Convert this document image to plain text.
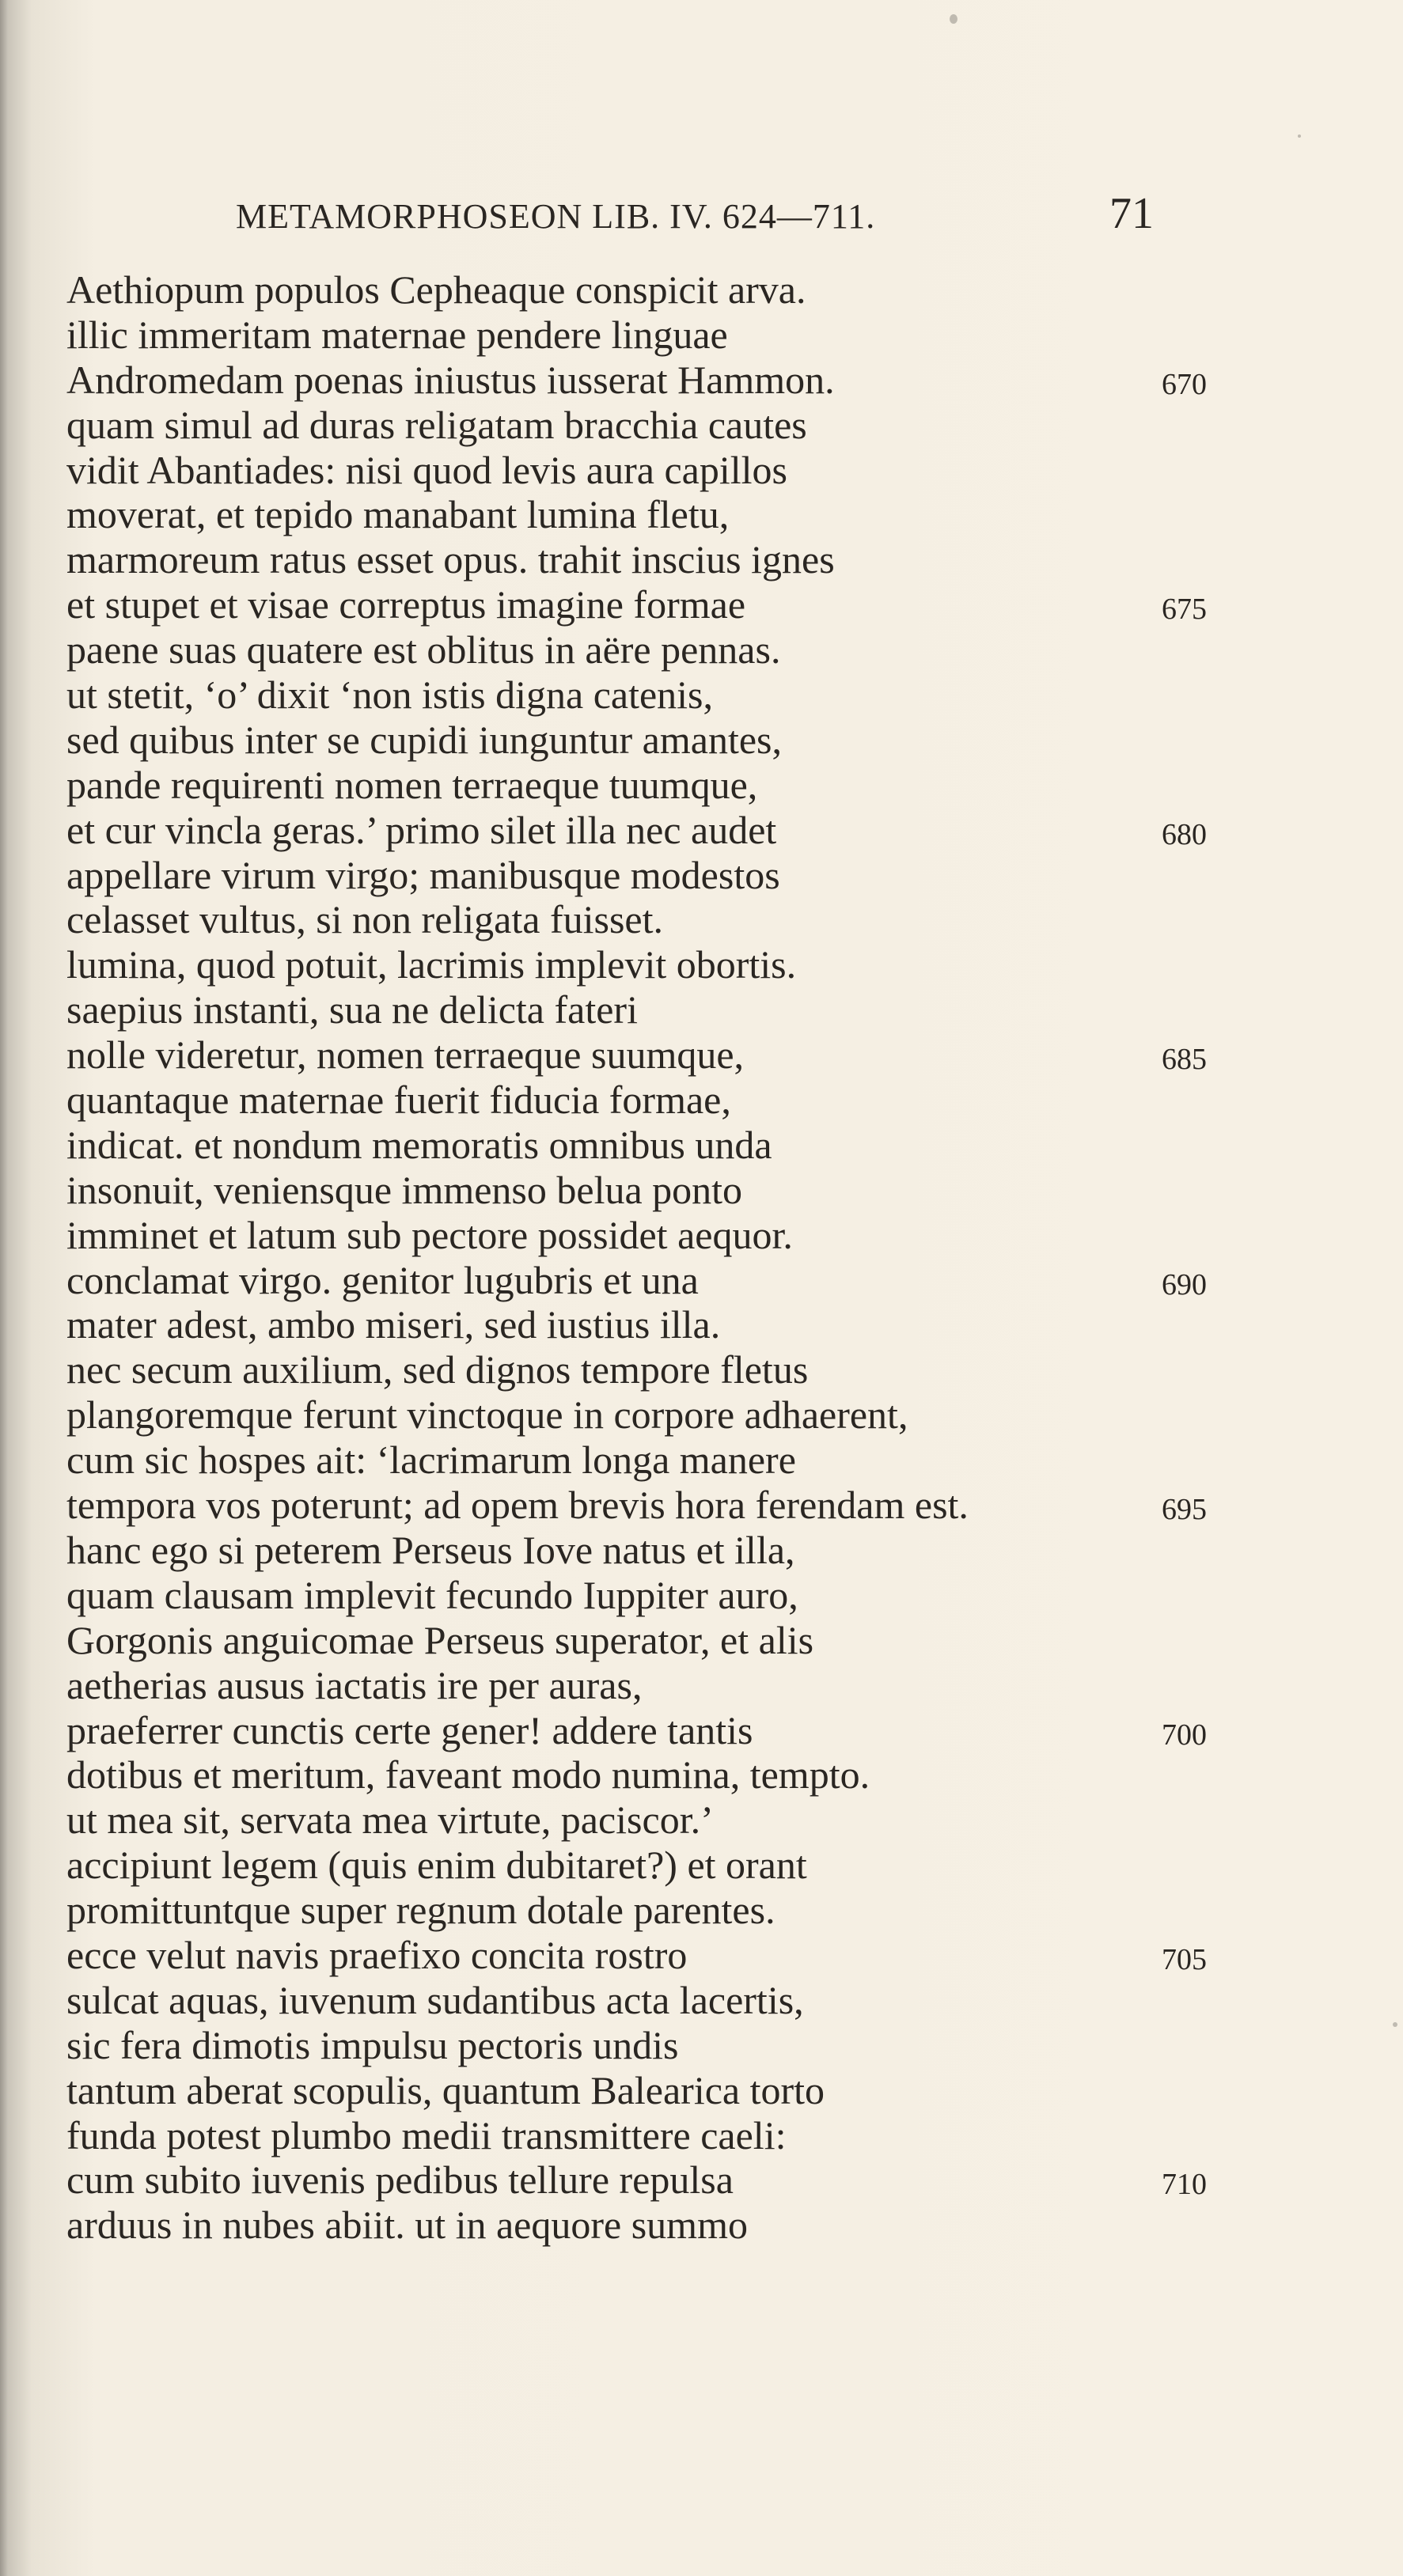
METAMORPHOSEON LIB. IV. 624—711.	71
Aethiopum populos Cepheaque conspicit arva.
illic immeritam maternae pendere linguae
Andromedam poenas iniustus iusserat Hammon.	670
quam simul ad duras religatam bracchia cautes
vidit Abantiades: nisi quod levis aura capillos
moverat, et tepido manabant lumina fletu,
marmoreum ratus esset opus. trahit inscius ignes
et stupet et visae correptus imagine formae	675
paene suas quatere est oblitus in aëre pennas.
ut stetit, ‘o’ dixit ‘non istis digna catenis,
sed quibus inter se cupidi iunguntur amantes,
pande requirenti nomen terraeque tuumque,
et cur vincla geras.’ primo silet illa nec audet	680
appellare virum virgo; manibusque modestos
celasset vultus, si non religata fuisset.
lumina, quod potuit, lacrimis implevit obortis.
saepius instanti, sua ne delicta fateri
nolle videretur, nomen terraeque suumque,	685
quantaque maternae fuerit fiducia formae,
indicat. et nondum memoratis omnibus unda
insonuit, veniensque immenso belua ponto
imminet et latum sub pectore possidet aequor.
conclamat virgo. genitor lugubris et una	690
mater adest, ambo miseri, sed iustius illa.
nec secum auxilium, sed dignos tempore fletus
plangoremque ferunt vinctoque in corpore adhaerent,
cum sic hospes ait: ‘lacrimarum longa manere
tempora vos poterunt; ad opem brevis hora ferendam est.	695
hanc ego si peterem Perseus Iove natus et illa,
quam clausam implevit fecundo Iuppiter auro,
Gorgonis anguicomae Perseus superator, et alis
aetherias ausus iactatis ire per auras,
praeferrer cunctis certe gener! addere tantis	700
dotibus et meritum, faveant modo numina, tempto.
ut mea sit, servata mea virtute, paciscor.’
accipiunt legem (quis enim dubitaret?) et orant
promittuntque super regnum dotale parentes.
ecce velut navis praefixo concita rostro	705
sulcat aquas, iuvenum sudantibus acta lacertis,
sic fera dimotis impulsu pectoris undis
tantum aberat scopulis, quantum Balearica torto
funda potest plumbo medii transmittere caeli:
cum subito iuvenis pedibus tellure repulsa	710
arduus in nubes abiit. ut in aequore summo
